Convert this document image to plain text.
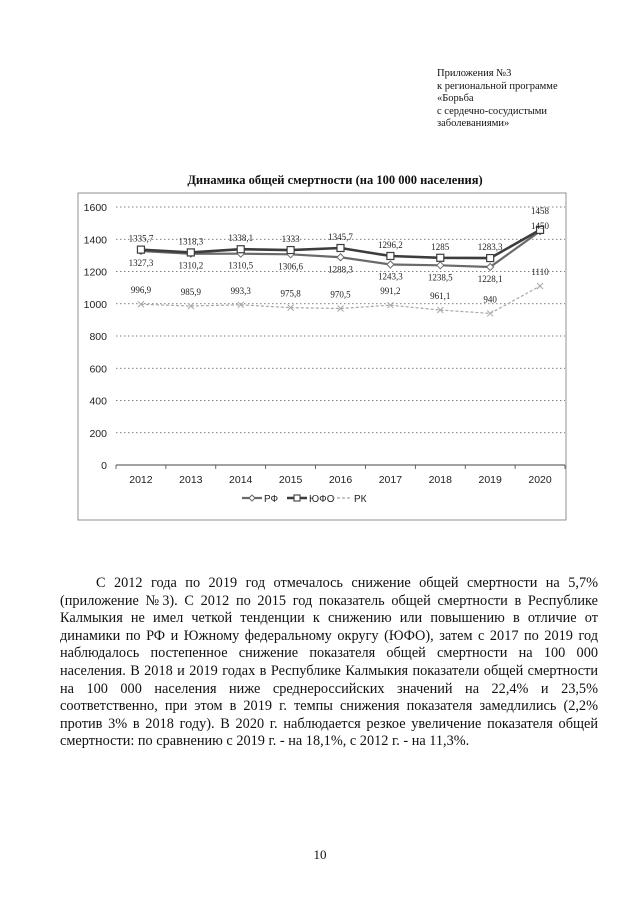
Приложения №3
к региональной программе
«Борьба
с сердечно-сосудистыми
заболеваниями»
Динамика общей смертности (на 100 000 населения)
0
200
400
600
800
1000
1200
1400
1600
2012	2013	2014	2015	2016	2017	2018	2019	2020
1335,7	1318,3	1338,1	1333	1345,7
1296,2	1285	1283,3
1458
1327,3	1310,2	1310,5	1306,6	1288,3
1243,3	1238,5	1228,1
1450
996,9	985,9	993,3	975,8	970,5	991,2	961,1	940
1110
РФ	ЮФО РК

С 2012 года по 2019 год отмечалось снижение общей смертности на 5,7% (приложение №3). С 2012 по 2015 год показатель общей смертности в Республике Калмыкия не имел четкой тенденции к снижению или повышению в отличие от динамики по РФ и Южному федеральному округу (ЮФО), затем с 2017 по 2019 год наблюдалось постепенное снижение показателя общей смертности на 100 000 населения. В 2018 и 2019 годах в Республике Калмыкия показатели общей смертности на 100 000 населения ниже среднероссийских значений на 22,4% и 23,5% соответственно, при этом в 2019 г. темпы снижения показателя замедлились (2,2% против 3% в 2018 году). В 2020 г. наблюдается резкое увеличение показателя общей смертности: по сравнению с 2019 г. - на 18,1%, с 2012 г. - на 11,3%.

10
